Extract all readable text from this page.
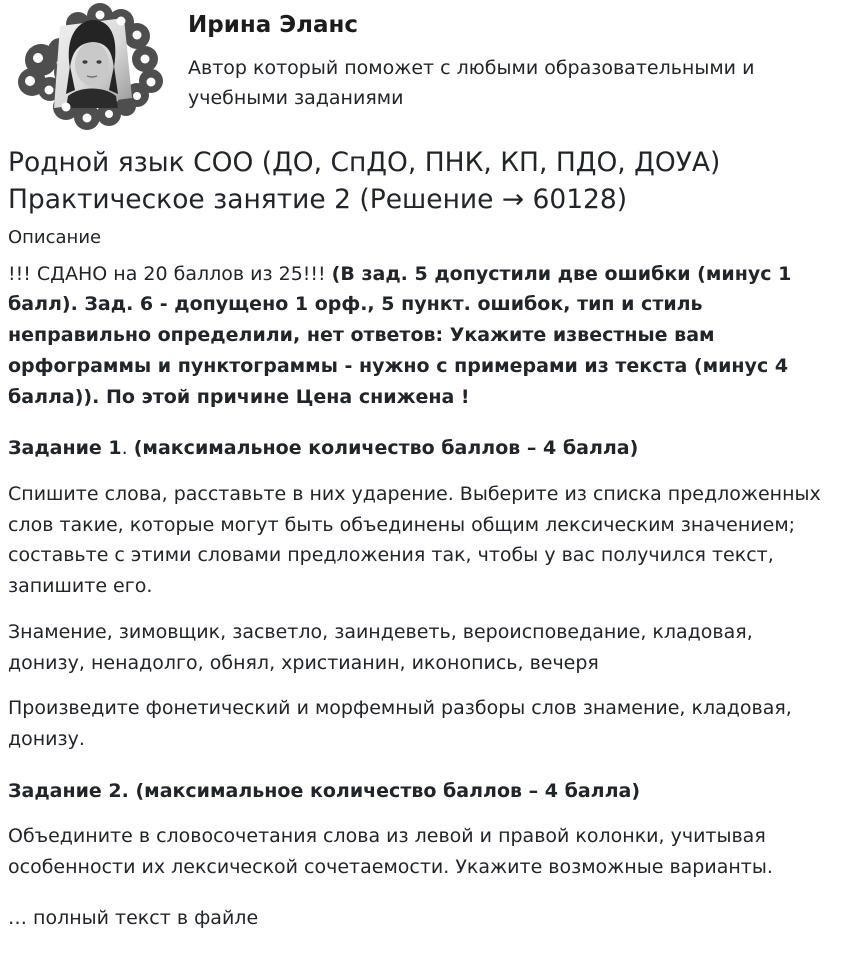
Ирина Эланс

Автор который поможет с любыми образовательными и учебными заданиями

Родной язык СОО (ДО, СпДО, ПНК, КП, ПДО, ДОУА) Практическое занятие 2 (Решение → 60128)
Описание

!!! СДАНО на 20 баллов из 25!!! (В зад. 5 допустили две ошибки (минус 1 балл). Зад. 6 - допущено 1 орф., 5 пункт. ошибок, тип и стиль неправильно определили, нет ответов: Укажите известные вам орфограммы и пунктограммы - нужно с примерами из текста (минус 4 балла)). По этой причине Цена снижена !

Задание 1. (максимальное количество баллов – 4 балла)

Спишите слова, расставьте в них ударение. Выберите из списка предложенных слов такие, которые могут быть объединены общим лексическим значением; составьте с этими словами предложения так, чтобы у вас получился текст, запишите его.

Знамение, зимовщик, засветло, заиндеветь, вероисповедание, кладовая, донизу, ненадолго, обнял, христианин, иконопись, вечеря

Произведите фонетический и морфемный разборы слов знамение, кладовая, донизу.

Задание 2. (максимальное количество баллов – 4 балла)

Объедините в словосочетания слова из левой и правой колонки, учитывая особенности их лексической сочетаемости. Укажите возможные варианты.

… полный текст в файле
